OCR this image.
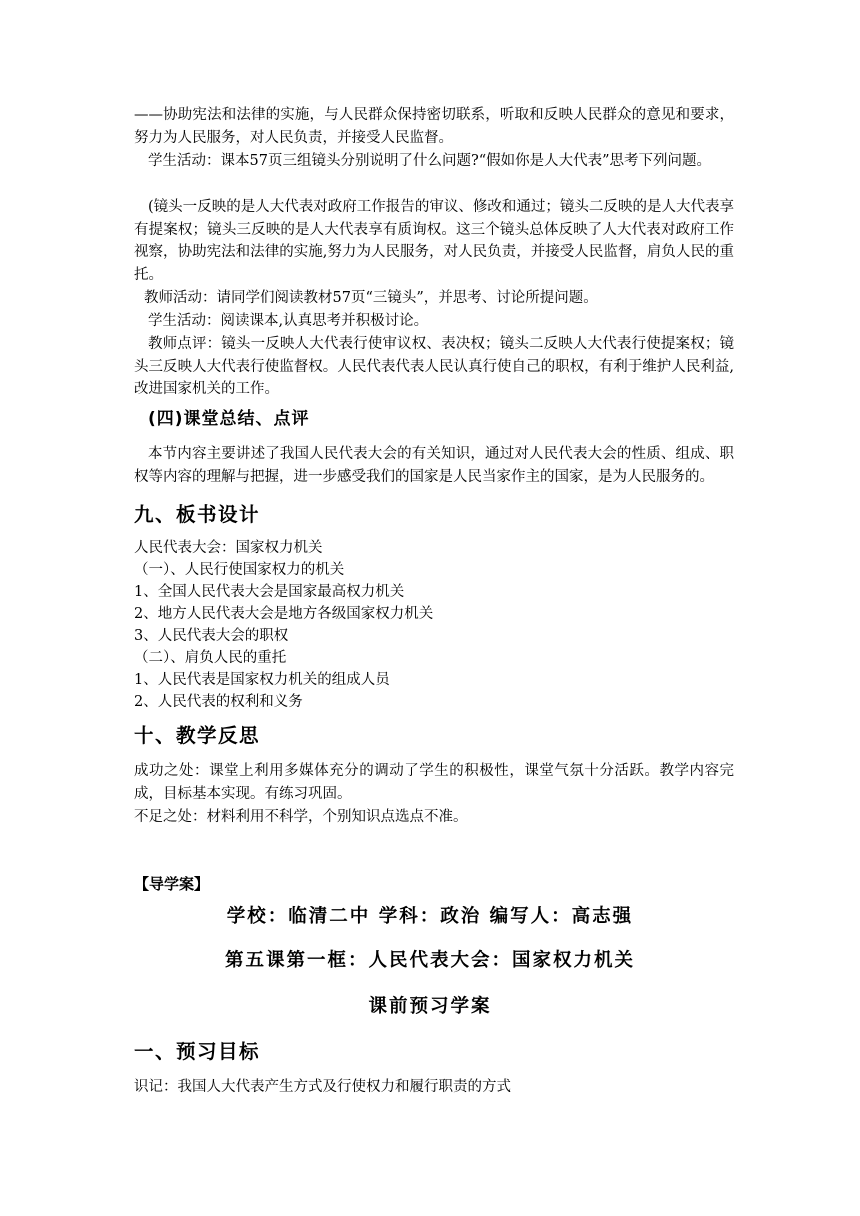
——协助宪法和法律的实施，与人民群众保持密切联系，听取和反映人民群众的意见和要求，努力为人民服务，对人民负责，并接受人民监督。

学生活动：课本57页三组镜头分别说明了什么问题?“假如你是人大代表”思考下列问题。

(镜头一反映的是人大代表对政府工作报告的审议、修改和通过；镜头二反映的是人大代表享有提案权；镜头三反映的是人大代表享有质询权。这三个镜头总体反映了人大代表对政府工作视察，协助宪法和法律的实施,努力为人民服务，对人民负责，并接受人民监督，肩负人民的重托。

教师活动：请同学们阅读教材57页“三镜头”，并思考、讨论所提问题。

学生活动：阅读课本,认真思考并积极讨论。

教师点评：镜头一反映人大代表行使审议权、表决权；镜头二反映人大代表行使提案权；镜头三反映人大代表行使监督权。人民代表代表人民认真行使自己的职权，有利于维护人民利益,改进国家机关的工作。

(四)课堂总结、点评

本节内容主要讲述了我国人民代表大会的有关知识，通过对人民代表大会的性质、组成、职权等内容的理解与把握，进一步感受我们的国家是人民当家作主的国家，是为人民服务的。

九、板书设计

人民代表大会：国家权力机关

（一）、人民行使国家权力的机关

1、全国人民代表大会是国家最高权力机关

2、地方人民代表大会是地方各级国家权力机关

3、人民代表大会的职权

（二）、肩负人民的重托

1、人民代表是国家权力机关的组成人员

2、人民代表的权利和义务

十、教学反思

成功之处：课堂上利用多媒体充分的调动了学生的积极性，课堂气氛十分活跃。教学内容完成，目标基本实现。有练习巩固。

不足之处：材料利用不科学，个别知识点选点不准。

【导学案】

学校：临清二中 学科：政治 编写人：高志强
第五课第一框：人民代表大会：国家权力机关
课前预习学案
一、预习目标

识记：我国人大代表产生方式及行使权力和履行职责的方式
